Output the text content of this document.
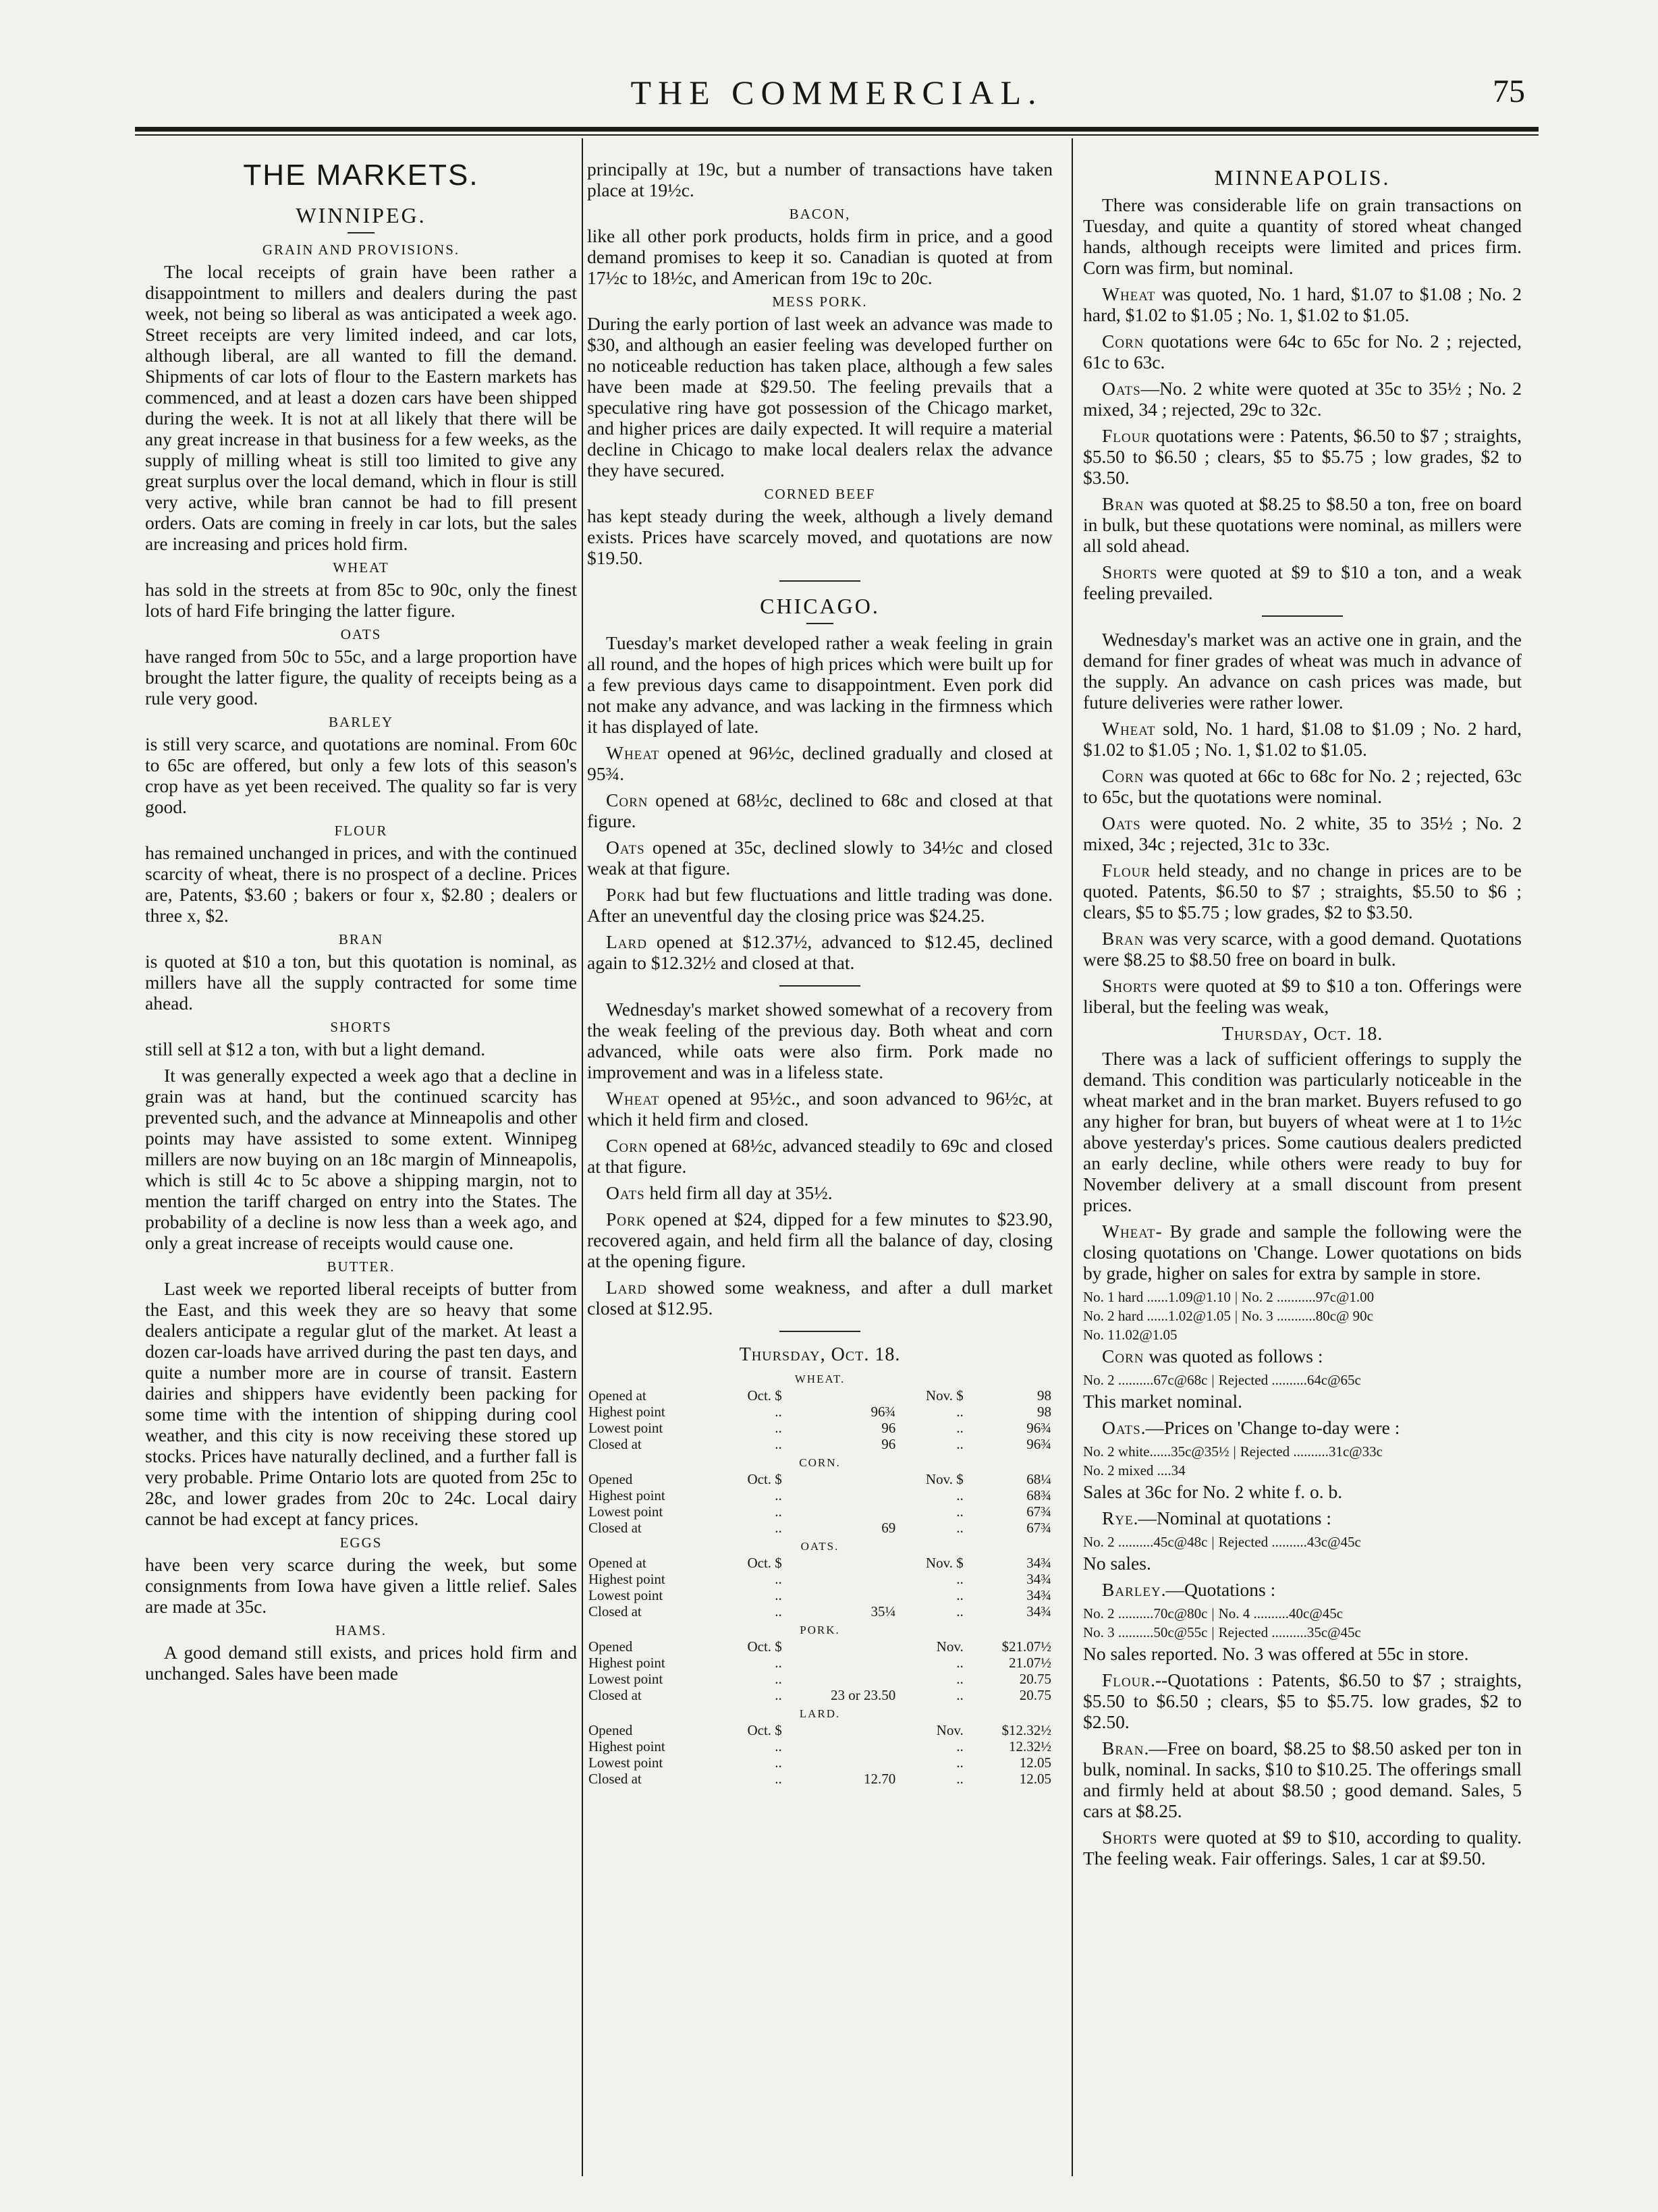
THE COMMERCIAL.	75
THE MARKETS.
WINNIPEG.
GRAIN AND PROVISIONS.

The local receipts of grain have been rather a disappointment to millers and dealers during the past week, not being so liberal as was anticipated a week ago. Street receipts are very limited indeed, and car lots, although liberal, are all wanted to fill the demand. Shipments of car lots of flour to the Eastern markets has commenced, and at least a dozen cars have been shipped during the week. It is not at all likely that there will be any great increase in that business for a few weeks, as the supply of milling wheat is still too limited to give any great surplus over the local demand, which in flour is still very active, while bran cannot be had to fill present orders. Oats are coming in freely in car lots, but the sales are increasing and prices hold firm.

WHEAT

has sold in the streets at from 85c to 90c, only the finest lots of hard Fife bringing the latter figure.

OATS

have ranged from 50c to 55c, and a large proportion have brought the latter figure, the quality of receipts being as a rule very good.

BARLEY

is still very scarce, and quotations are nominal. From 60c to 65c are offered, but only a few lots of this season's crop have as yet been received. The quality so far is very good.

FLOUR

has remained unchanged in prices, and with the continued scarcity of wheat, there is no prospect of a decline. Prices are, Patents, $3.60 ; bakers or four x, $2.80 ; dealers or three x, $2.

BRAN

is quoted at $10 a ton, but this quotation is nominal, as millers have all the supply contracted for some time ahead.

SHORTS

still sell at $12 a ton, with but a light demand.

It was generally expected a week ago that a decline in grain was at hand, but the continued scarcity has prevented such, and the advance at Minneapolis and other points may have assisted to some extent. Winnipeg millers are now buying on an 18c margin of Minneapolis, which is still 4c to 5c above a shipping margin, not to mention the tariff charged on entry into the States. The probability of a decline is now less than a week ago, and only a great increase of receipts would cause one.

BUTTER.

Last week we reported liberal receipts of butter from the East, and this week they are so heavy that some dealers anticipate a regular glut of the market. At least a dozen car-loads have arrived during the past ten days, and quite a number more are in course of transit. Eastern dairies and shippers have evidently been packing for some time with the intention of shipping during cool weather, and this city is now receiving these stored up stocks. Prices have naturally declined, and a further fall is very probable. Prime Ontario lots are quoted from 25c to 28c, and lower grades from 20c to 24c. Local dairy cannot be had except at fancy prices.

EGGS

have been very scarce during the week, but some consignments from Iowa have given a little relief. Sales are made at 35c.

HAMS.

A good demand still exists, and prices hold firm and unchanged. Sales have been made

principally at 19c, but a number of transactions have taken place at 19½c.

BACON,

like all other pork products, holds firm in price, and a good demand promises to keep it so. Canadian is quoted at from 17½c to 18½c, and American from 19c to 20c.

MESS PORK.

During the early portion of last week an advance was made to $30, and although an easier feeling was developed further on no noticeable reduction has taken place, although a few sales have been made at $29.50. The feeling prevails that a speculative ring have got possession of the Chicago market, and higher prices are daily expected. It will require a material decline in Chicago to make local dealers relax the advance they have secured.

CORNED BEEF

has kept steady during the week, although a lively demand exists. Prices have scarcely moved, and quotations are now $19.50.

CHICAGO.

Tuesday's market developed rather a weak feeling in grain all round, and the hopes of high prices which were built up for a few previous days came to disappointment. Even pork did not make any advance, and was lacking in the firmness which it has displayed of late.

Wheat opened at 96½c, declined gradually and closed at 95¾.

Corn opened at 68½c, declined to 68c and closed at that figure.

Oats opened at 35c, declined slowly to 34½c and closed weak at that figure.

Pork had but few fluctuations and little trading was done. After an uneventful day the closing price was $24.25.

Lard opened at $12.37½, advanced to $12.45, declined again to $12.32½ and closed at that.

Wednesday's market showed somewhat of a recovery from the weak feeling of the previous day. Both wheat and corn advanced, while oats were also firm. Pork made no improvement and was in a lifeless state.

Wheat opened at 95½c., and soon advanced to 96½c, at which it held firm and closed.

Corn opened at 68½c, advanced steadily to 69c and closed at that figure.

Oats held firm all day at 35½.

Pork opened at $24, dipped for a few minutes to $23.90, recovered again, and held firm all the balance of day, closing at the opening figure.

Lard showed some weakness, and after a dull market closed at $12.95.

Thursday, Oct. 18.
WHEAT.				
Opened at	Oct. $		Nov. $	98
Highest point	..	96¾	..	98
Lowest point	..	96	..	96¾
Closed at	..	96	..	96¾
CORN.				
Opened	Oct. $		Nov. $	68¼
Highest point	..		..	68¾
Lowest point	..		..	67¾
Closed at	..	69	..	67¾
OATS.				
Opened at	Oct. $		Nov. $	34¾
Highest point	..		..	34¾
Lowest point	..		..	34¾
Closed at	..	35¼	..	34¾
PORK.				
Opened	Oct. $		Nov.	$21.07½
Highest point	..		..	21.07½
Lowest point	..		..	20.75
Closed at	..	23 or 23.50	..	20.75
LARD.				
Opened	Oct. $		Nov.	$12.32½
Highest point	..		..	12.32½
Lowest point	..		..	12.05
Closed at	..	12.70	..	12.05
MINNEAPOLIS.

There was considerable life on grain transactions on Tuesday, and quite a quantity of stored wheat changed hands, although receipts were limited and prices firm. Corn was firm, but nominal.

Wheat was quoted, No. 1 hard, $1.07 to $1.08 ; No. 2 hard, $1.02 to $1.05 ; No. 1, $1.02 to $1.05.

Corn quotations were 64c to 65c for No. 2 ; rejected, 61c to 63c.

Oats—No. 2 white were quoted at 35c to 35½ ; No. 2 mixed, 34 ; rejected, 29c to 32c.

Flour quotations were : Patents, $6.50 to $7 ; straights, $5.50 to $6.50 ; clears, $5 to $5.75 ; low grades, $2 to $3.50.

Bran was quoted at $8.25 to $8.50 a ton, free on board in bulk, but these quotations were nominal, as millers were all sold ahead.

Shorts were quoted at $9 to $10 a ton, and a weak feeling prevailed.

Wednesday's market was an active one in grain, and the demand for finer grades of wheat was much in advance of the supply. An advance on cash prices was made, but future deliveries were rather lower.

Wheat sold, No. 1 hard, $1.08 to $1.09 ; No. 2 hard, $1.02 to $1.05 ; No. 1, $1.02 to $1.05.

Corn was quoted at 66c to 68c for No. 2 ; rejected, 63c to 65c, but the quotations were nominal.

Oats were quoted. No. 2 white, 35 to 35½ ; No. 2 mixed, 34c ; rejected, 31c to 33c.

Flour held steady, and no change in prices are to be quoted. Patents, $6.50 to $7 ; straights, $5.50 to $6 ; clears, $5 to $5.75 ; low grades, $2 to $3.50.

Bran was very scarce, with a good demand. Quotations were $8.25 to $8.50 free on board in bulk.

Shorts were quoted at $9 to $10 a ton. Offerings were liberal, but the feeling was weak,

Thursday, Oct. 18.

There was a lack of sufficient offerings to supply the demand. This condition was particularly noticeable in the wheat market and in the bran market. Buyers refused to go any higher for bran, but buyers of wheat were at 1 to 1½c above yesterday's prices. Some cautious dealers predicted an early decline, while others were ready to buy for November delivery at a small discount from present prices.

Wheat- By grade and sample the following were the closing quotations on 'Change. Lower quotations on bids by grade, higher on sales for extra by sample in store.

No. 1 hard ......1.09@1.10| No. 2 ...........97c@1.00
No. 2 hard ......1.02@1.05| No. 3 ...........80c@ 90c
No. 11.02@1.05

Corn was quoted as follows :

No. 2 ..........67c@68c| Rejected ..........64c@65c

This market nominal.

Oats.—Prices on 'Change to-day were :

No. 2 white......35c@35½| Rejected ..........31c@33c
No. 2 mixed ....34

Sales at 36c for No. 2 white f. o. b.

Rye.—Nominal at quotations :

No. 2 ..........45c@48c| Rejected ..........43c@45c

No sales.

Barley.—Quotations :

No. 2 ..........70c@80c| No. 4 ..........40c@45c
No. 3 ..........50c@55c| Rejected ..........35c@45c

No sales reported. No. 3 was offered at 55c in store.

Flour.--Quotations : Patents, $6.50 to $7 ; straights, $5.50 to $6.50 ; clears, $5 to $5.75. low grades, $2 to $2.50.

Bran.—Free on board, $8.25 to $8.50 asked per ton in bulk, nominal. In sacks, $10 to $10.25. The offerings small and firmly held at about $8.50 ; good demand. Sales, 5 cars at $8.25.

Shorts were quoted at $9 to $10, according to quality. The feeling weak. Fair offerings. Sales, 1 car at $9.50.
